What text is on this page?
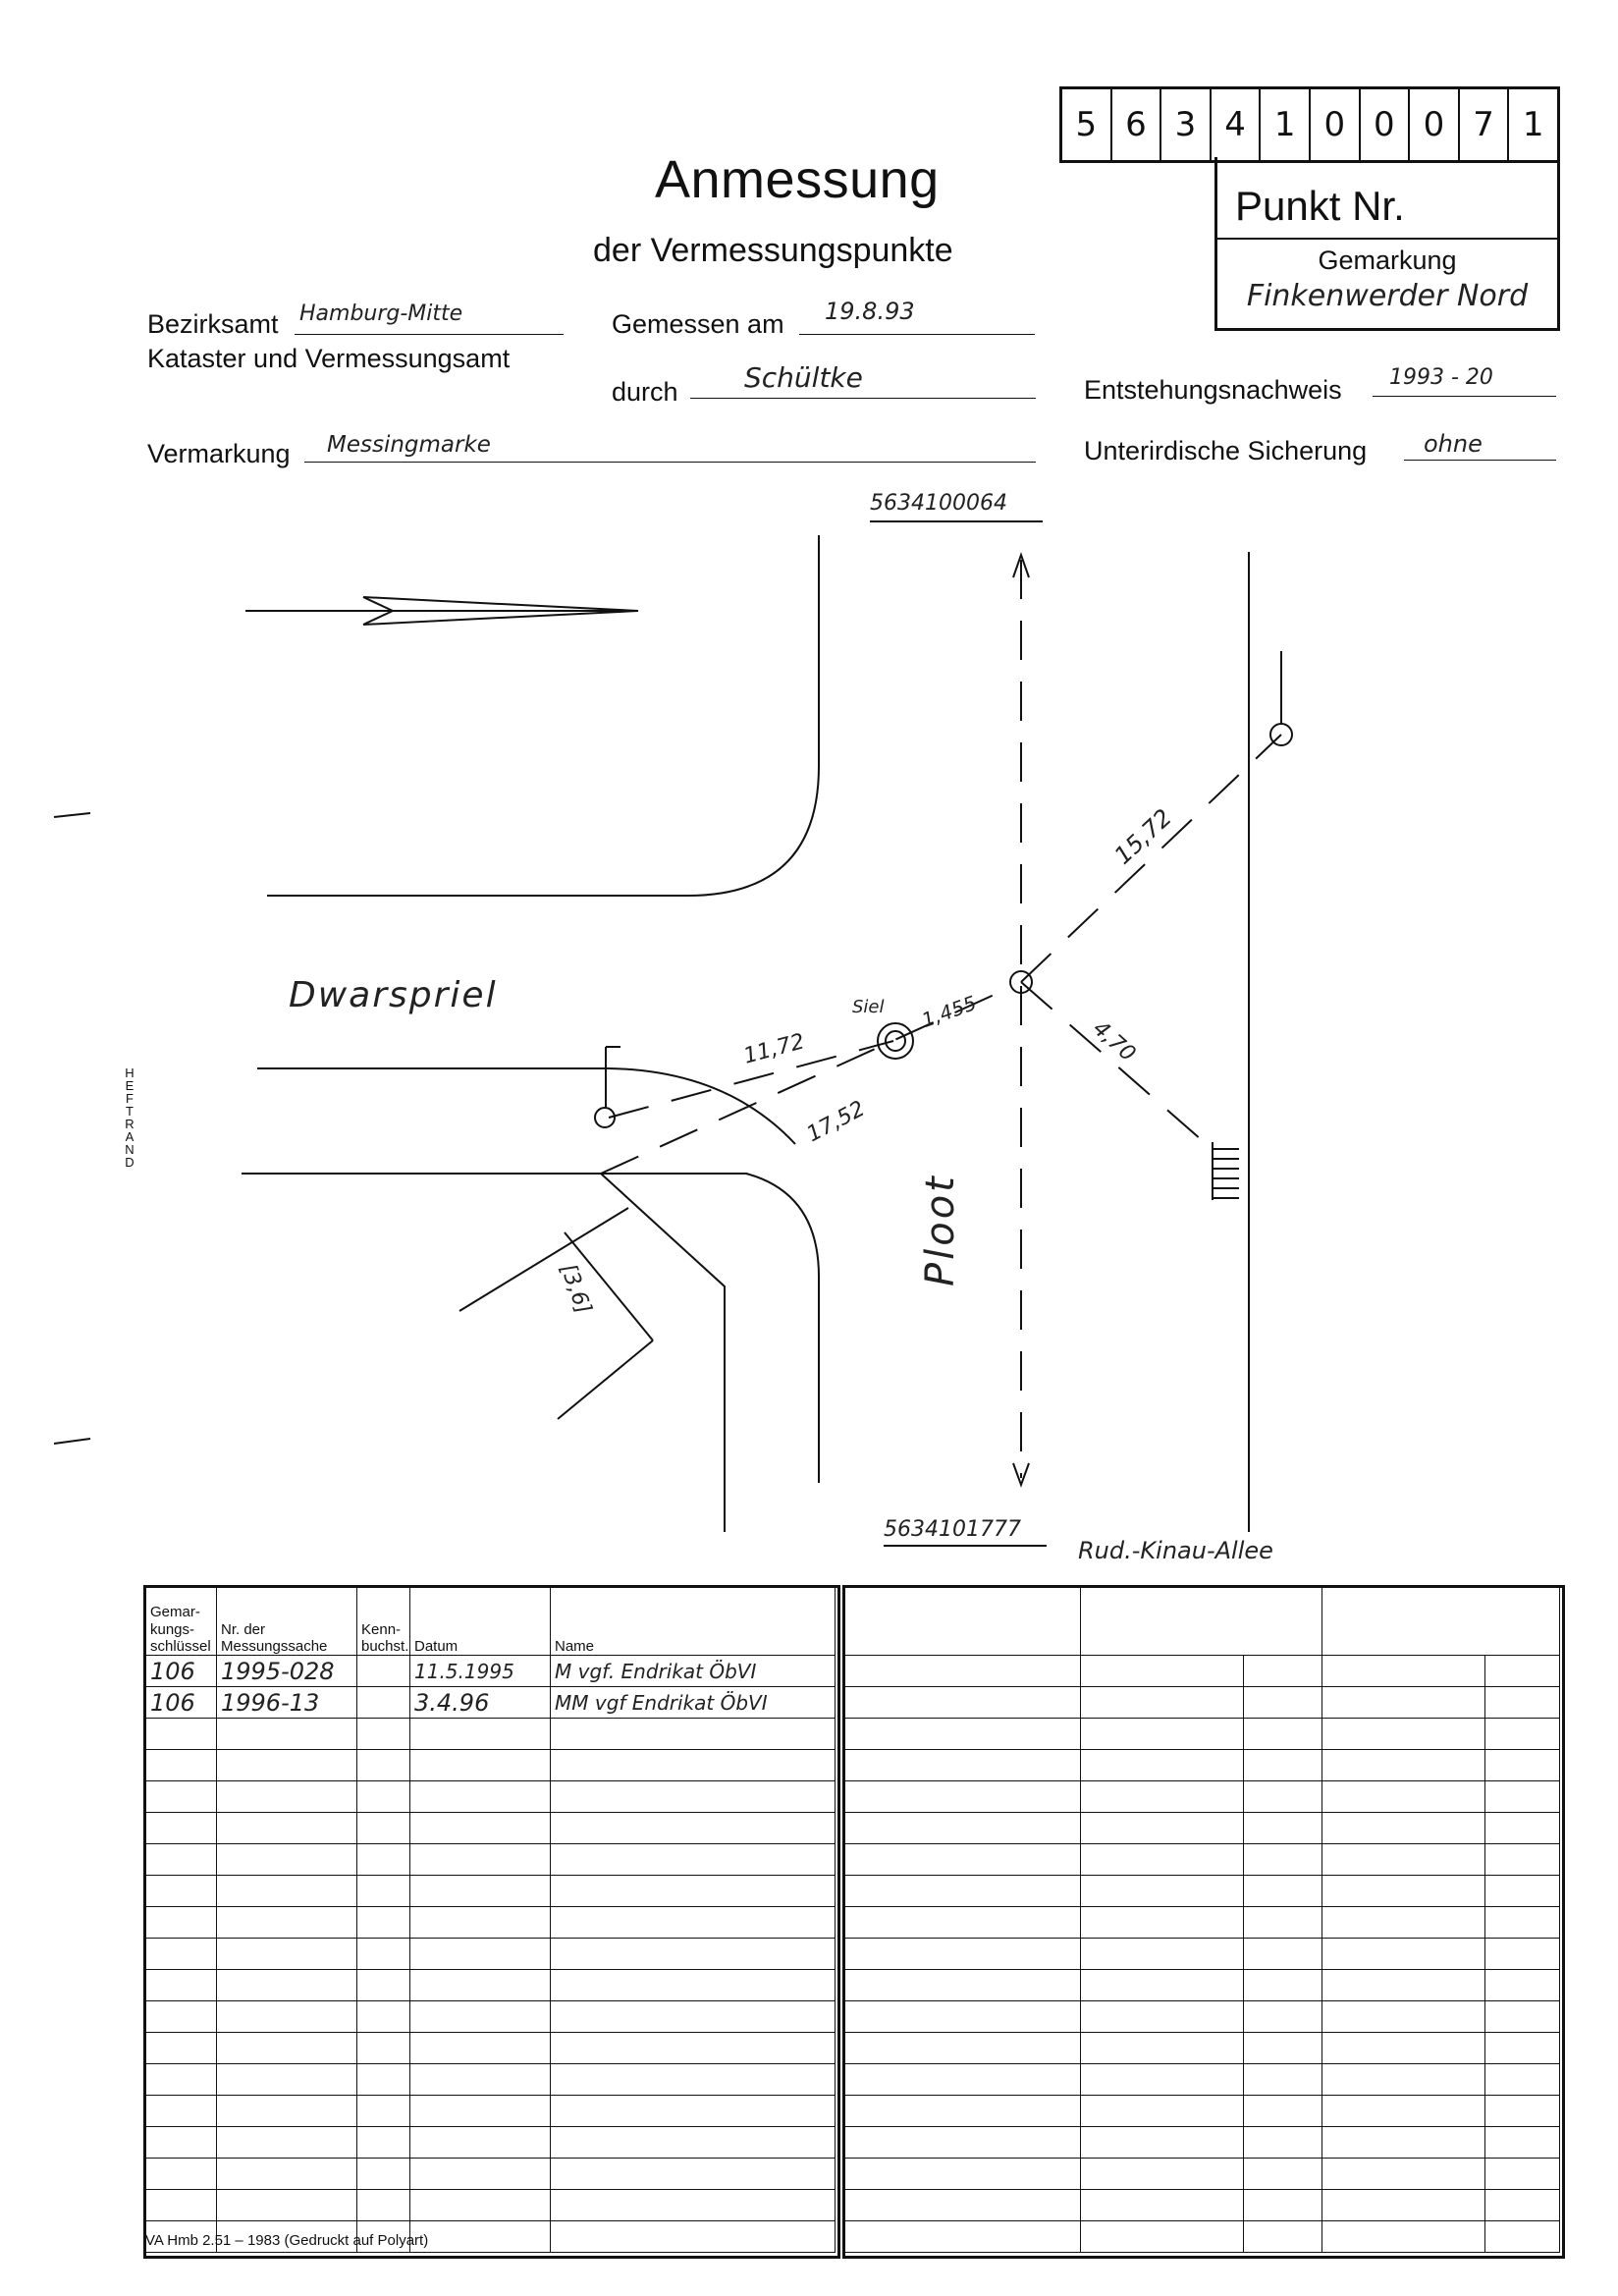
5 6 3 4 1 0 0 0 7 1
Punkt Nr.
Gemarkung
Finkenwerder Nord
Anmessung
der Vermessungspunkte
Bezirksamt Hamburg-Mitte
Kataster und Vermessungsamt
Gemessen am 19.8.93
durch Schültke	Entstehungsnachweis 1993 - 20
Vermarkung Messingmarke	Unterirdische Sicherung ohne
5634100064
5634101777
Dwarspriel
Ploot
Rud.-Kinau-Allee
Siel
15,72
11,72
1,455
17,52
4,70
[3,6]
H
E
F
T
R
A
N
D
Gemar-kungs-schlüssel	Nr. der Messungssache	Kenn-buchst.	Datum	Name
106	1995-028		11.5.1995	M vgf. Endrikat ÖbVI
106	1996-13		3.4.96	MM vgf Endrikat ÖbVI

VA Hmb 2.51 – 1983 (Gedruckt auf Polyart)
